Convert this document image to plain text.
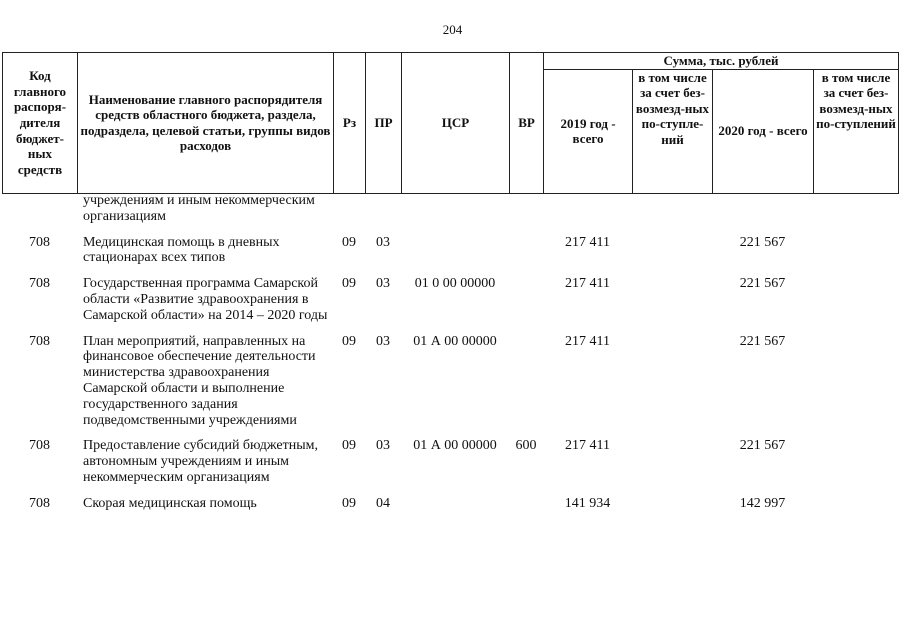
204
Код главного распоря-дителя бюджет-ных средств	Наименование главного распорядителя средств областного бюджета, раздела, подраздела, целевой статьи, группы видов расходов	Рз	ПР	ЦСР	ВР	Сумма, тыс. рублей			
						2019 год - всего	в том числе за счет без-возмезд-ных по-ступле-ний	2020 год - всего	в том числе за счет без-возмезд-ных по-ступлений
	учреждениям и иным некоммерческим организациям								
708	Медицинская помощь в дневных стационарах всех типов	09	03			217 411		221 567	
708	Государственная программа Самарской области «Развитие здравоохранения в Самарской области» на 2014 – 2020 годы	09	03	01 0 00 00000		217 411		221 567	
708	План мероприятий, направленных на финансовое обеспечение деятельности министерства здравоохранения Самарской области и выполнение государственного задания подведомственными учреждениями	09	03	01 А 00 00000		217 411		221 567	
708	Предоставление субсидий бюджетным, автономным учреждениям и иным некоммерческим организациям	09	03	01 А 00 00000	600	217 411		221 567	
708	Скорая медицинская помощь	09	04			141 934		142 997	
